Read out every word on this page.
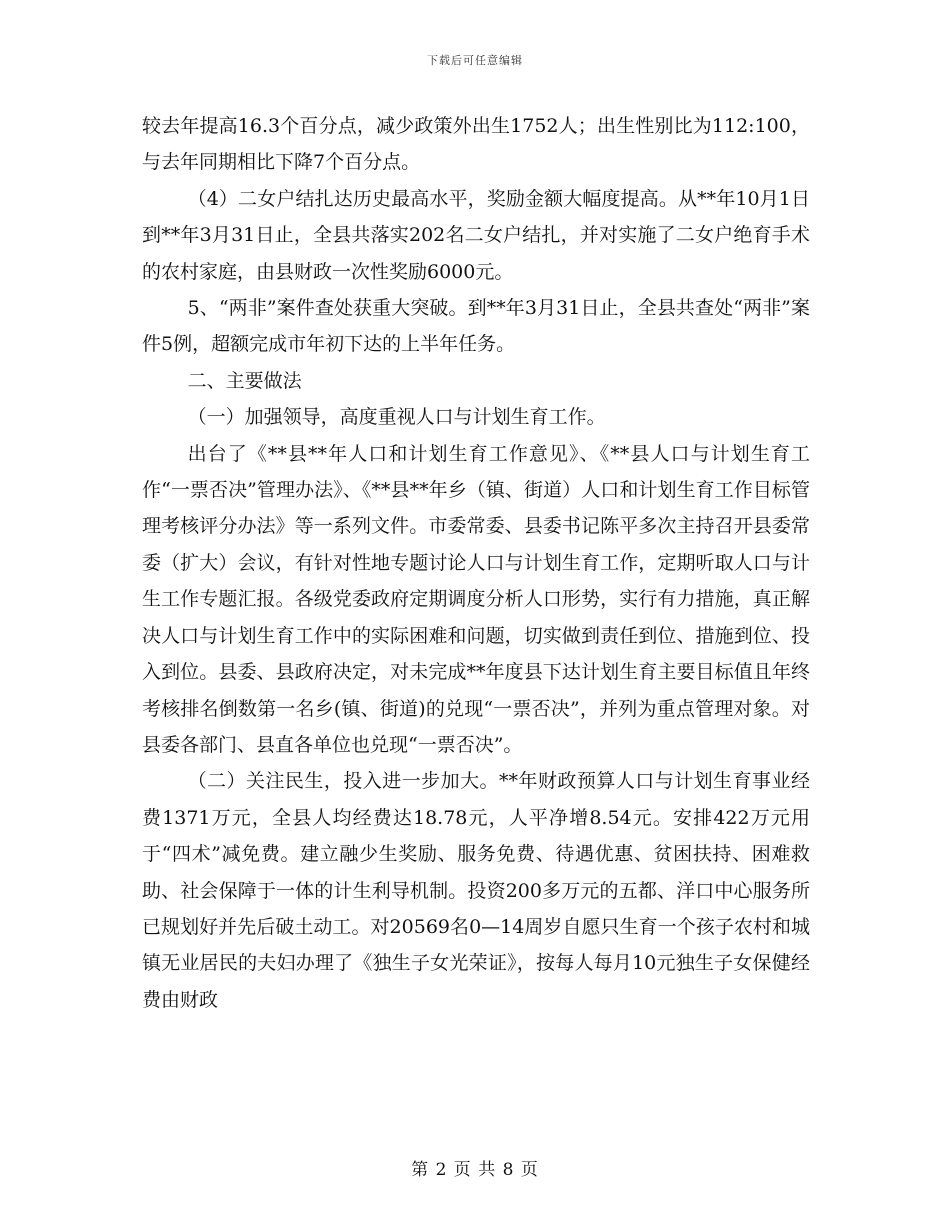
下载后可任意编辑

较去年提高16.3个百分点，减少政策外出生1752人；出生性别比为112:100，与去年同期相比下降7个百分点。

（4）二女户结扎达历史最高水平，奖励金额大幅度提高。从**年10月1日到**年3月31日止，全县共落实202名二女户结扎，并对实施了二女户绝育手术的农村家庭，由县财政一次性奖励6000元。

5、“两非”案件查处获重大突破。到**年3月31日止，全县共查处“两非”案件5例，超额完成市年初下达的上半年任务。

二、主要做法

（一）加强领导，高度重视人口与计划生育工作。

出台了《**县**年人口和计划生育工作意见》、《**县人口与计划生育工作“一票否决”管理办法》、《**县**年乡（镇、街道）人口和计划生育工作目标管理考核评分办法》等一系列文件。市委常委、县委书记陈平多次主持召开县委常委（扩大）会议，有针对性地专题讨论人口与计划生育工作，定期听取人口与计生工作专题汇报。各级党委政府定期调度分析人口形势，实行有力措施，真正解决人口与计划生育工作中的实际困难和问题，切实做到责任到位、措施到位、投入到位。县委、县政府决定，对未完成**年度县下达计划生育主要目标值且年终考核排名倒数第一名乡(镇、街道)的兑现“一票否决”，并列为重点管理对象。对县委各部门、县直各单位也兑现“一票否决”。

（二）关注民生，投入进一步加大。**年财政预算人口与计划生育事业经费1371万元，全县人均经费达18.78元，人平净增8.54元。安排422万元用于“四术”减免费。建立融少生奖励、服务免费、待遇优惠、贫困扶持、困难救助、社会保障于一体的计生利导机制。投资200多万元的五都、洋口中心服务所已规划好并先后破土动工。对20569名0—14周岁自愿只生育一个孩子农村和城镇无业居民的夫妇办理了《独生子女光荣证》，按每人每月10元独生子女保健经费由财政

第 2 页 共 8 页
